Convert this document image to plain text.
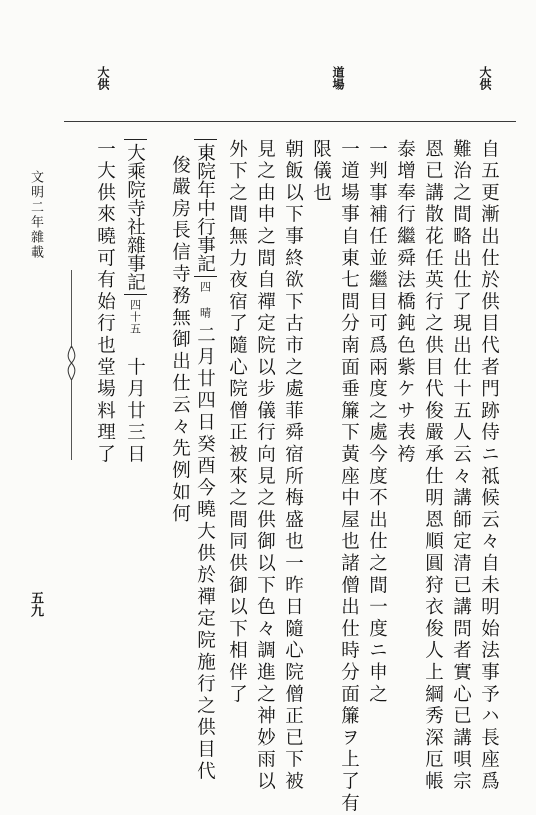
大供
道場
大供
文明二年雜載
五九	自五更漸出仕於供目代者門跡侍ニ祗候云々自未明始法事予ハ長座爲
難治之間略出仕了現出仕十五人云々講師定清已講問者實心已講唄宗
恩已講散花任英行之供目代俊嚴承仕明恩順圓狩衣俊人上綱秀深厄帳
泰增奉行繼舜法橋鈍色紫ケサ表袴
一判事補任並繼目可爲兩度之處今度不出仕之間一度ニ申之
一道場事自東七間分南面垂簾下黃座中屋也諸僧出仕時分面簾ヲ上了有
限儀也
朝飯以下事終欲下古市之處菲舜宿所梅盛也一昨日隨心院僧正已下被
見之由申之間自禪定院以步儀行向見之供御以下色々調進之神妙雨以
外下之間無力夜宿了隨心院僧正被來之間同供御以下相伴了
東院年中行事記四晴二月廿四日癸酉今曉大供於禪定院施行之供目代
俊嚴房長信寺務無御出仕云々先例如何
大乘院寺社雜事記四十五十月廿三日
一大供來曉可有始行也堂場料理了
